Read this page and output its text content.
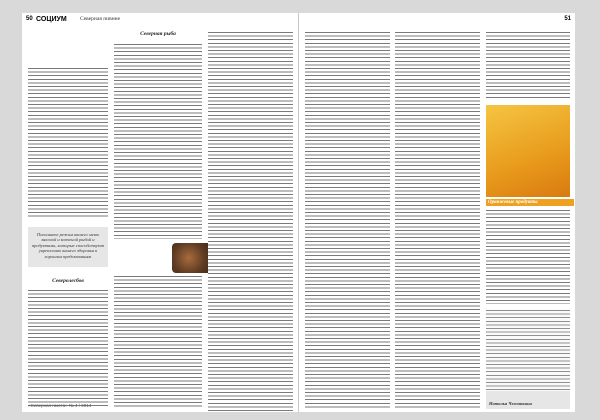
50 СОЦИУМ Северная пивнне
Пополните режим вашего меню вяленой и копченой рыбой и продуктами, которые способствуют укреплению вашего здоровья и хорошим предсказаниям
Северолесбов
Северная рыба
«Северная газета» № 4 / 2014
51
Оранжевые продукты
Наталья Чемоткина
